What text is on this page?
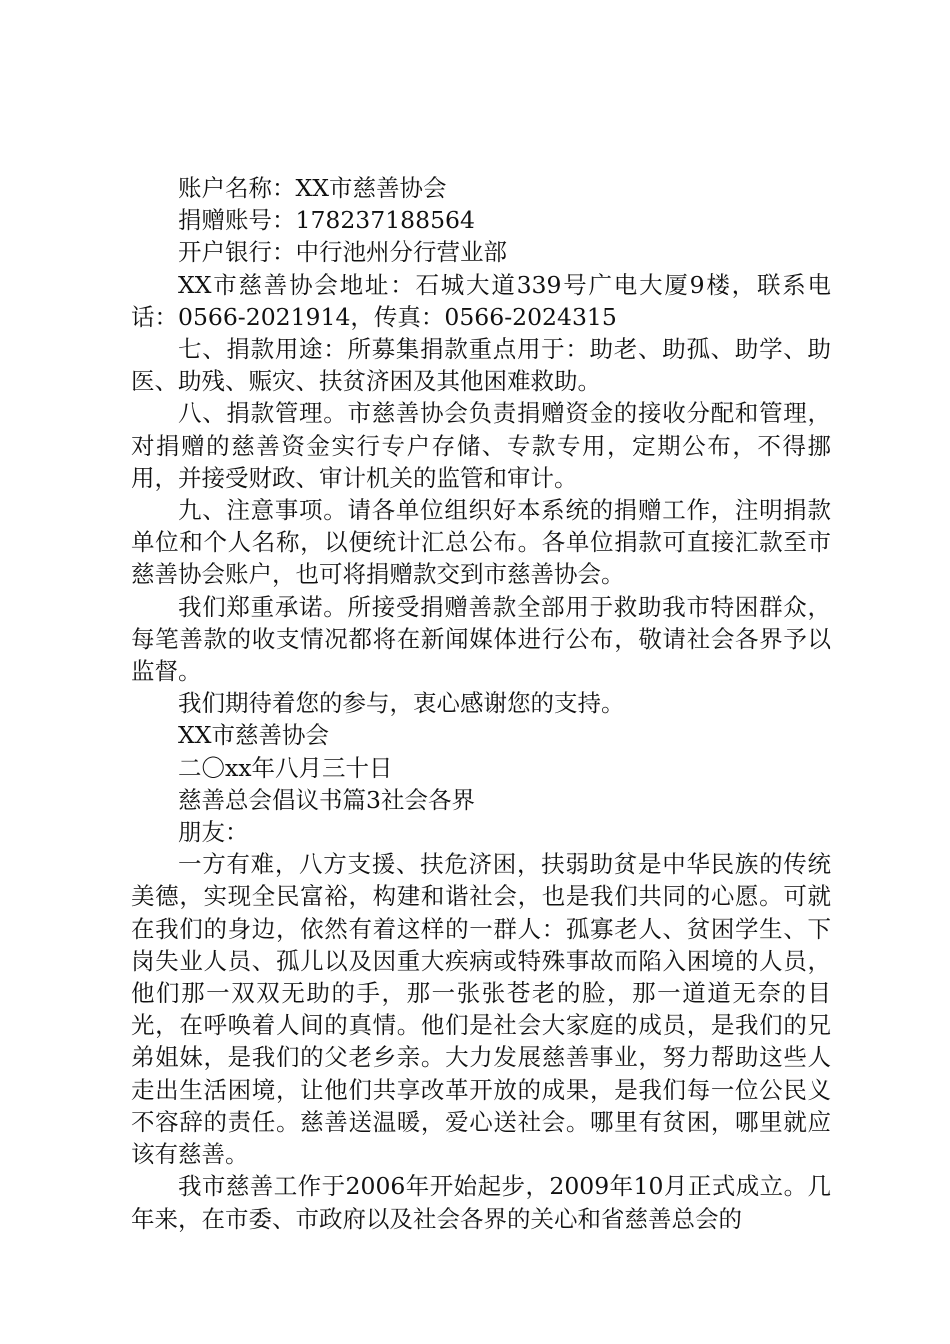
账户名称：XX市慈善协会

捐赠账号：178237188564

开户银行：中行池州分行营业部

XX市慈善协会地址：石城大道339号广电大厦9楼，联系电话：0566-2021914，传真：0566-2024315

七、捐款用途：所募集捐款重点用于：助老、助孤、助学、助医、助残、赈灾、扶贫济困及其他困难救助。

八、捐款管理。市慈善协会负责捐赠资金的接收分配和管理，对捐赠的慈善资金实行专户存储、专款专用，定期公布，不得挪用，并接受财政、审计机关的监管和审计。

九、注意事项。请各单位组织好本系统的捐赠工作，注明捐款单位和个人名称，以便统计汇总公布。各单位捐款可直接汇款至市慈善协会账户，也可将捐赠款交到市慈善协会。

我们郑重承诺。所接受捐赠善款全部用于救助我市特困群众，每笔善款的收支情况都将在新闻媒体进行公布，敬请社会各界予以监督。

我们期待着您的参与，衷心感谢您的支持。

XX市慈善协会

二〇xx年八月三十日

慈善总会倡议书篇3社会各界

朋友：

一方有难，八方支援、扶危济困，扶弱助贫是中华民族的传统美德，实现全民富裕，构建和谐社会，也是我们共同的心愿。可就在我们的身边，依然有着这样的一群人：孤寡老人、贫困学生、下岗失业人员、孤儿以及因重大疾病或特殊事故而陷入困境的人员，他们那一双双无助的手，那一张张苍老的脸，那一道道无奈的目光，在呼唤着人间的真情。他们是社会大家庭的成员，是我们的兄弟姐妹，是我们的父老乡亲。大力发展慈善事业，努力帮助这些人走出生活困境，让他们共享改革开放的成果，是我们每一位公民义不容辞的责任。慈善送温暖，爱心送社会。哪里有贫困，哪里就应该有慈善。

我市慈善工作于2006年开始起步，2009年10月正式成立。几年来，在市委、市政府以及社会各界的关心和省慈善总会的
